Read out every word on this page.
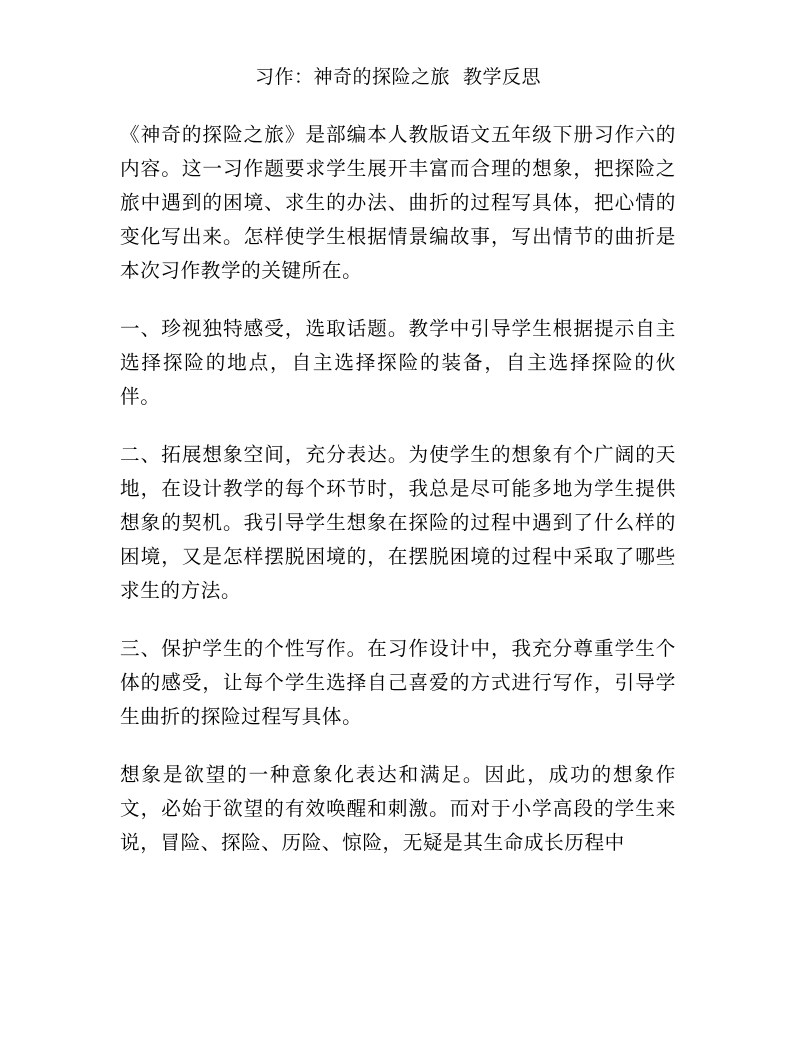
习作：神奇的探险之旅  教学反思

《神奇的探险之旅》是部编本人教版语文五年级下册习作六的内容。这一习作题要求学生展开丰富而合理的想象，把探险之旅中遇到的困境、求生的办法、曲折的过程写具体，把心情的变化写出来。怎样使学生根据情景编故事，写出情节的曲折是本次习作教学的关键所在。

一、珍视独特感受，选取话题。教学中引导学生根据提示自主选择探险的地点，自主选择探险的装备，自主选择探险的伙伴。

二、拓展想象空间，充分表达。为使学生的想象有个广阔的天地，在设计教学的每个环节时，我总是尽可能多地为学生提供想象的契机。我引导学生想象在探险的过程中遇到了什么样的困境，又是怎样摆脱困境的，在摆脱困境的过程中采取了哪些求生的方法。

三、保护学生的个性写作。在习作设计中，我充分尊重学生个体的感受，让每个学生选择自己喜爱的方式进行写作，引导学生曲折的探险过程写具体。

想象是欲望的一种意象化表达和满足。因此，成功的想象作文，必始于欲望的有效唤醒和刺激。而对于小学高段的学生来说，冒险、探险、历险、惊险，无疑是其生命成长历程中
